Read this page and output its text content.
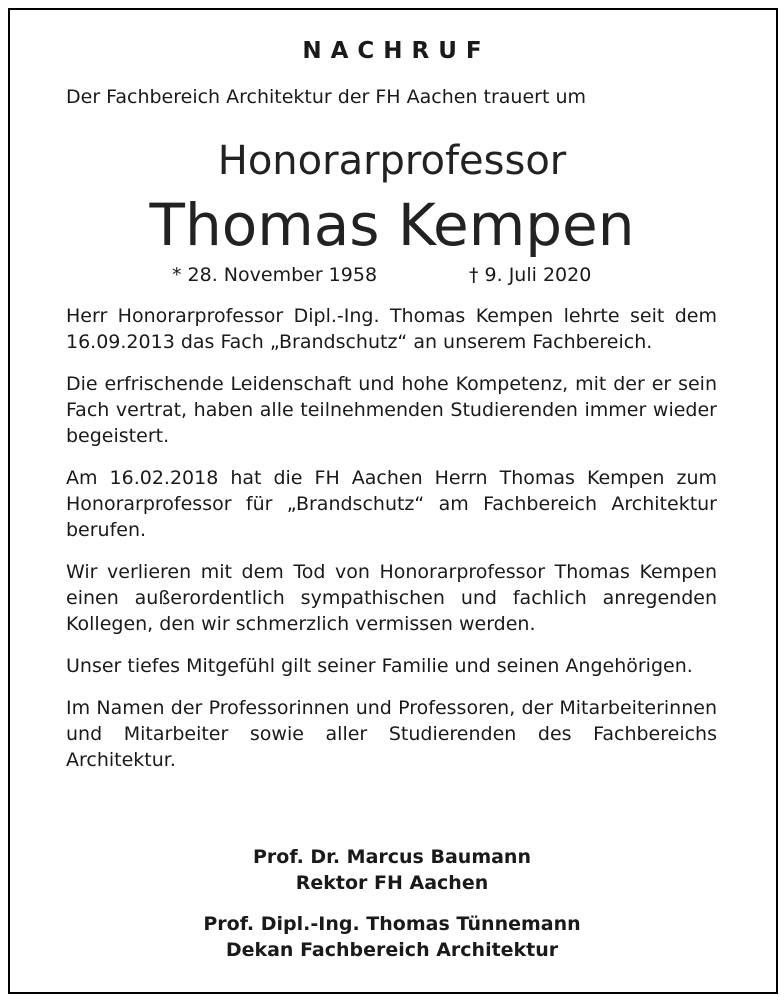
NACHRUF
Der Fachbereich Architektur der FH Aachen trauert um
Honorarprofessor
Thomas Kempen
* 28. November 1958	† 9. Juli 2020

Herr Honorarprofessor Dipl.-Ing. Thomas Kempen lehrte seit dem 16.09.2013 das Fach „Brandschutz“ an unserem Fachbereich.

Die erfrischende Leidenschaft und hohe Kompetenz, mit der er sein Fach vertrat, haben alle teilnehmenden Studierenden immer wieder begeistert.

Am 16.02.2018 hat die FH Aachen Herrn Thomas Kempen zum Honorarprofessor für „Brandschutz“ am Fachbereich Architektur berufen.

Wir verlieren mit dem Tod von Honorarprofessor Thomas Kempen einen außerordentlich sympathischen und fachlich anregenden Kollegen, den wir schmerzlich vermissen werden.

Unser tiefes Mitgefühl gilt seiner Familie und seinen Angehörigen.

Im Namen der Professorinnen und Professoren, der Mitarbeiterinnen und Mitarbeiter sowie aller Studierenden des Fachbereichs Architektur.

Prof. Dr. Marcus Baumann
Rektor FH Aachen
Prof. Dipl.-Ing. Thomas Tünnemann
Dekan Fachbereich Architektur
